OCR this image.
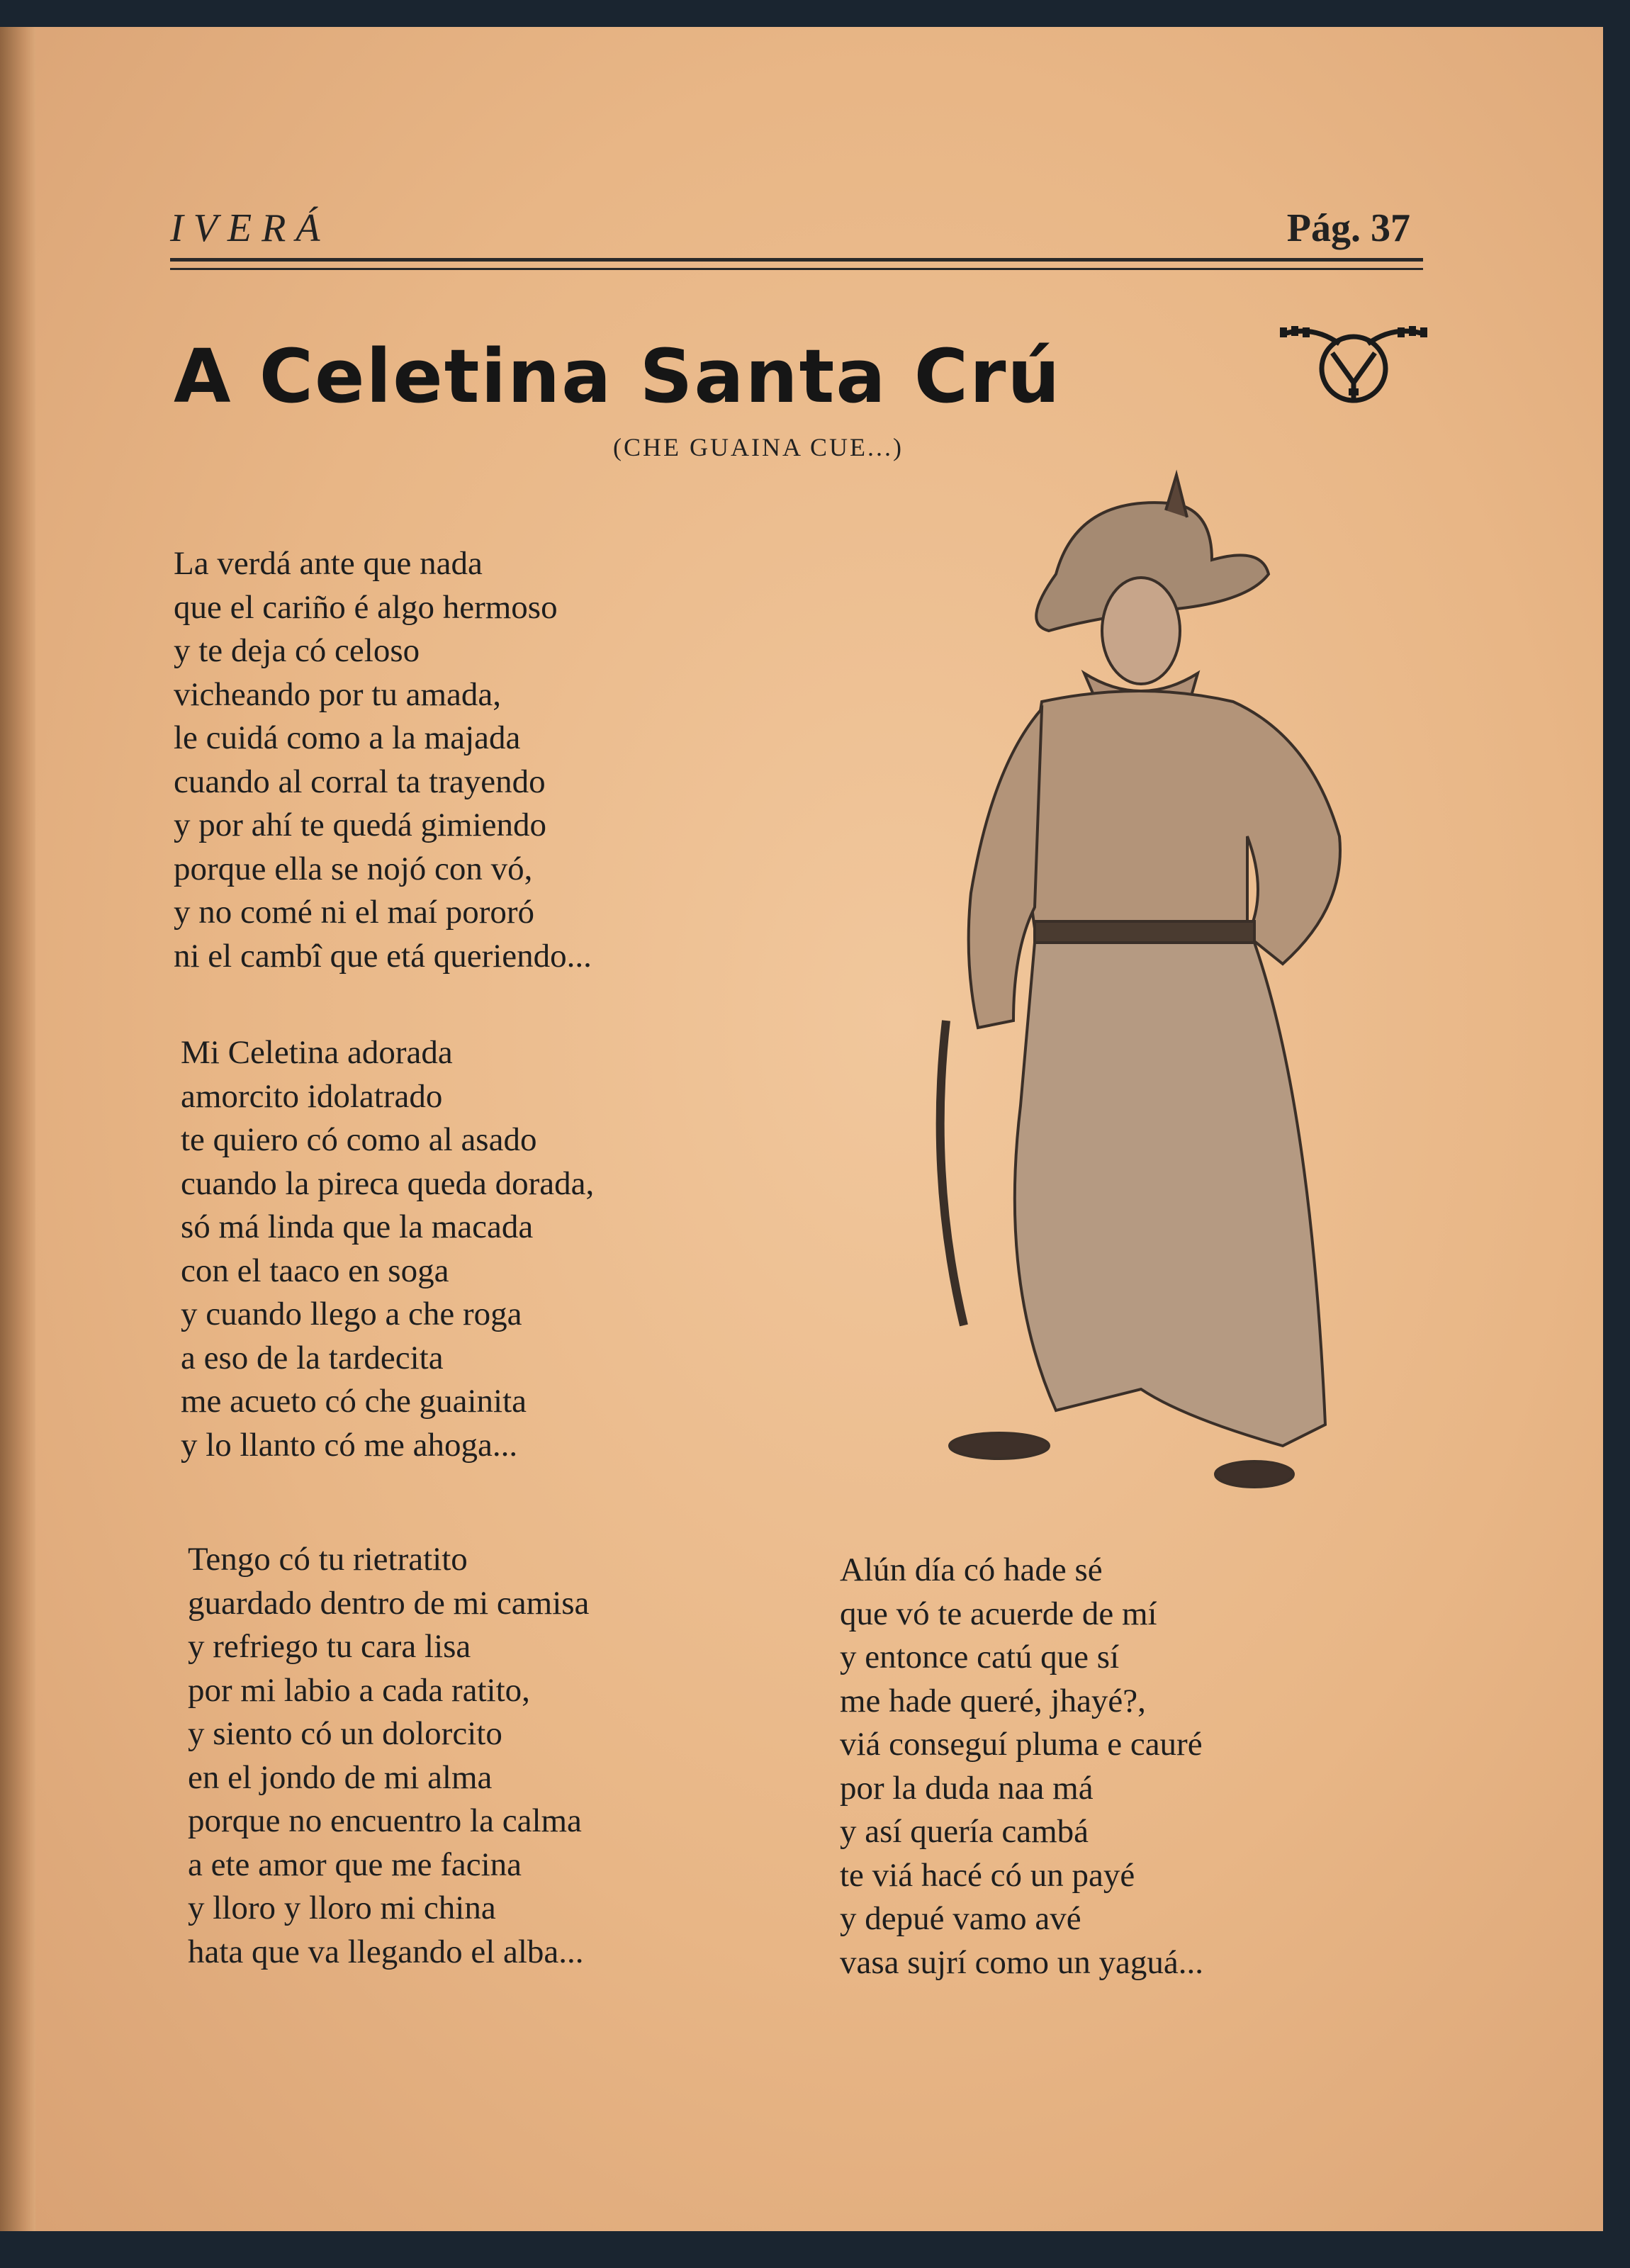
IVERÁ	Pág. 37
A Celetina Santa Crú
(CHE GUAINA CUE...)
La verdá ante que nada
que el cariño é algo hermoso
y te deja có celoso
vicheando por tu amada,
le cuidá como a la majada
cuando al corral ta trayendo
y por ahí te quedá gimiendo
porque ella se nojó con vó,
y no comé ni el maí pororó
ni el cambî que etá queriendo...
Mi Celetina adorada
amorcito idolatrado
te quiero có como al asado
cuando la pireca queda dorada,
só má linda que la macada
con el taaco en soga
y cuando llego a che roga
a eso de la tardecita
me acueto có che guainita
y lo llanto có me ahoga...
Tengo có tu rietratito
guardado dentro de mi camisa
y refriego tu cara lisa
por mi labio a cada ratito,
y siento có un dolorcito
en el jondo de mi alma
porque no encuentro la calma
a ete amor que me facina
y lloro y lloro mi china
hata que va llegando el alba...
Alún día có hade sé
que vó te acuerde de mí
y entonce catú que sí
me hade queré, jhayé?,
viá conseguí pluma e cauré
por la duda naa má
y así quería cambá
te viá hacé có un payé
y depué vamo avé
vasa sujrí como un yaguá...
